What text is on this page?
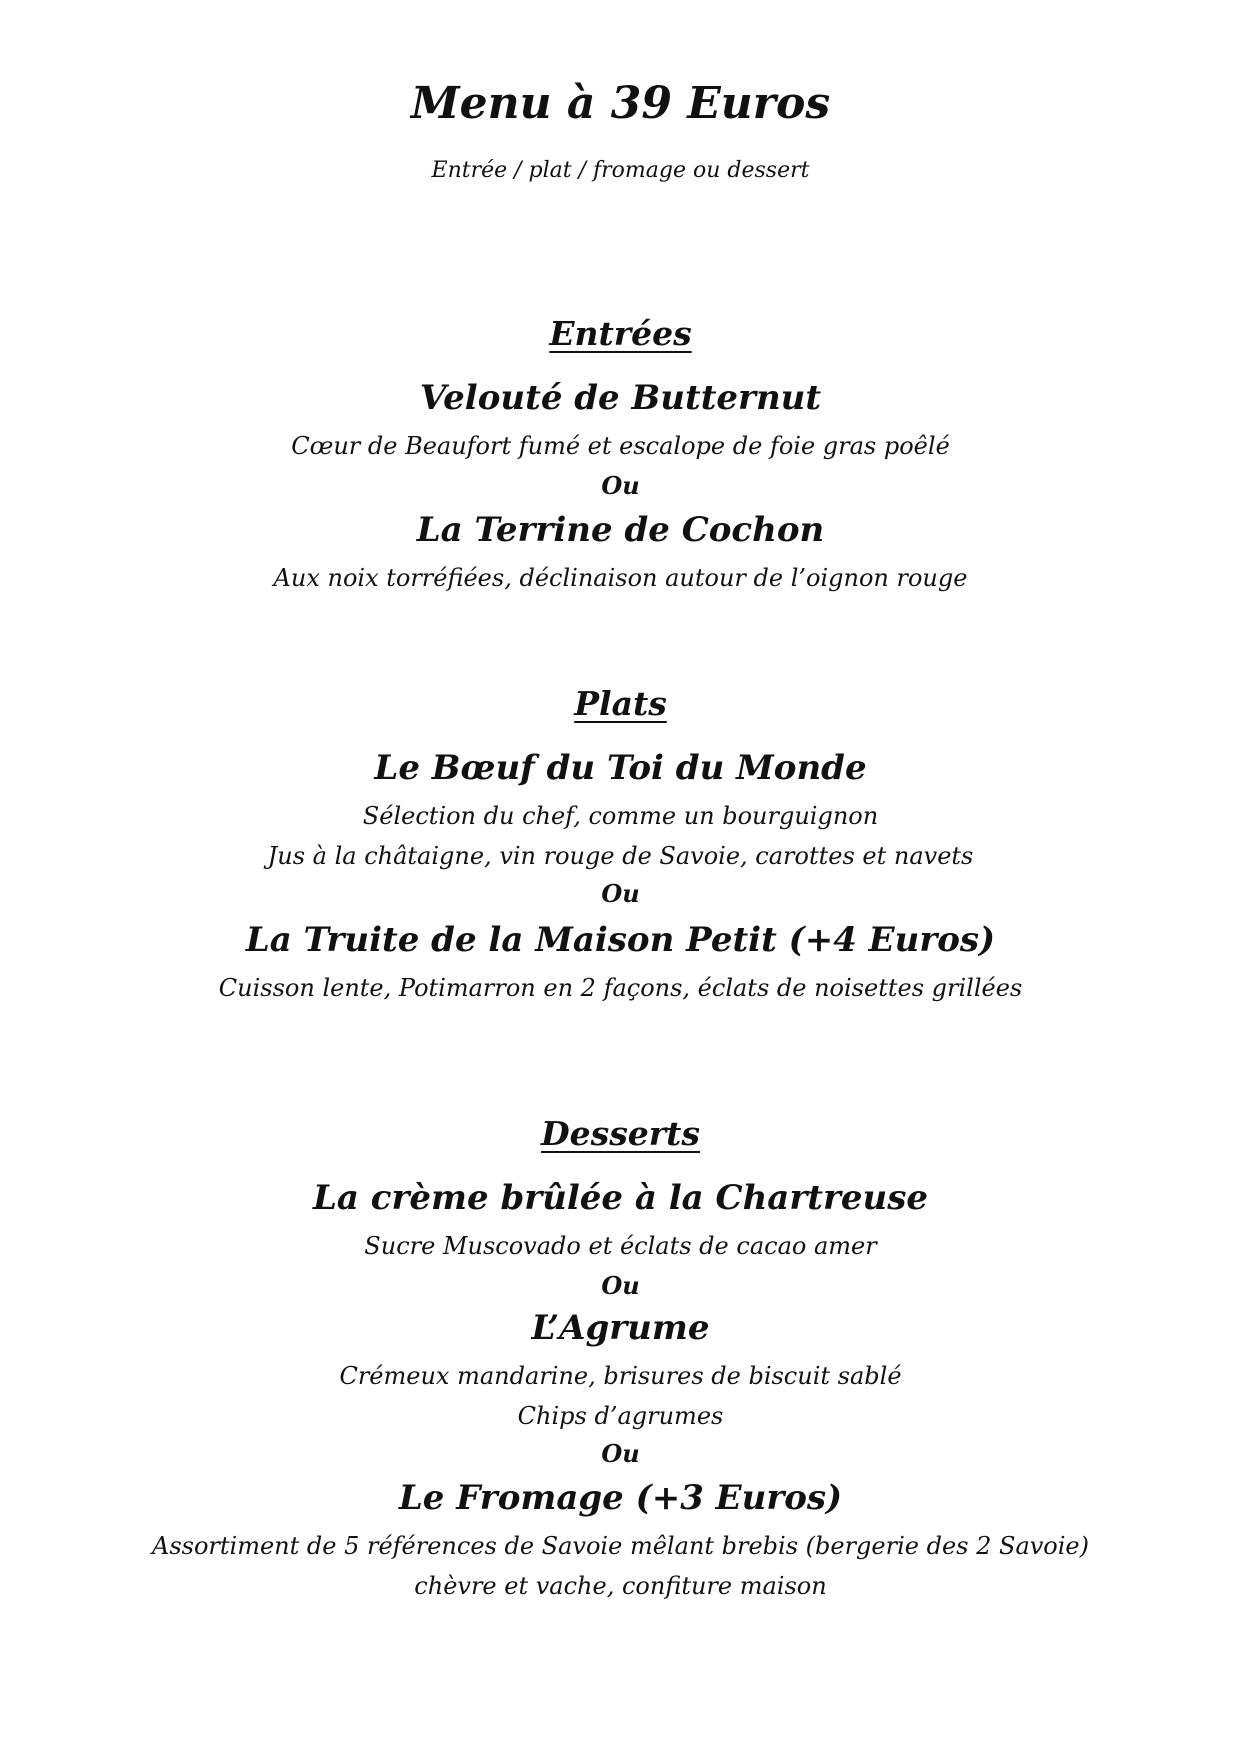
Menu à 39 Euros

Entrée / plat / fromage ou dessert

Entrées

Velouté de Butternut

Cœur de Beaufort fumé et escalope de foie gras poêlé

Ou

La Terrine de Cochon

Aux noix torréfiées, déclinaison autour de l’oignon rouge

Plats

Le Bœuf du Toi du Monde

Sélection du chef, comme un bourguignon

Jus à la châtaigne, vin rouge de Savoie, carottes et navets

Ou

La Truite de la Maison Petit (+4 Euros)

Cuisson lente, Potimarron en 2 façons, éclats de noisettes grillées

Desserts

La crème brûlée à la Chartreuse

Sucre Muscovado et éclats de cacao amer

Ou

L’Agrume

Crémeux mandarine, brisures de biscuit sablé

Chips d’agrumes

Ou

Le Fromage (+3 Euros)

Assortiment de 5 références de Savoie mêlant brebis (bergerie des 2 Savoie)

chèvre et vache, confiture maison
